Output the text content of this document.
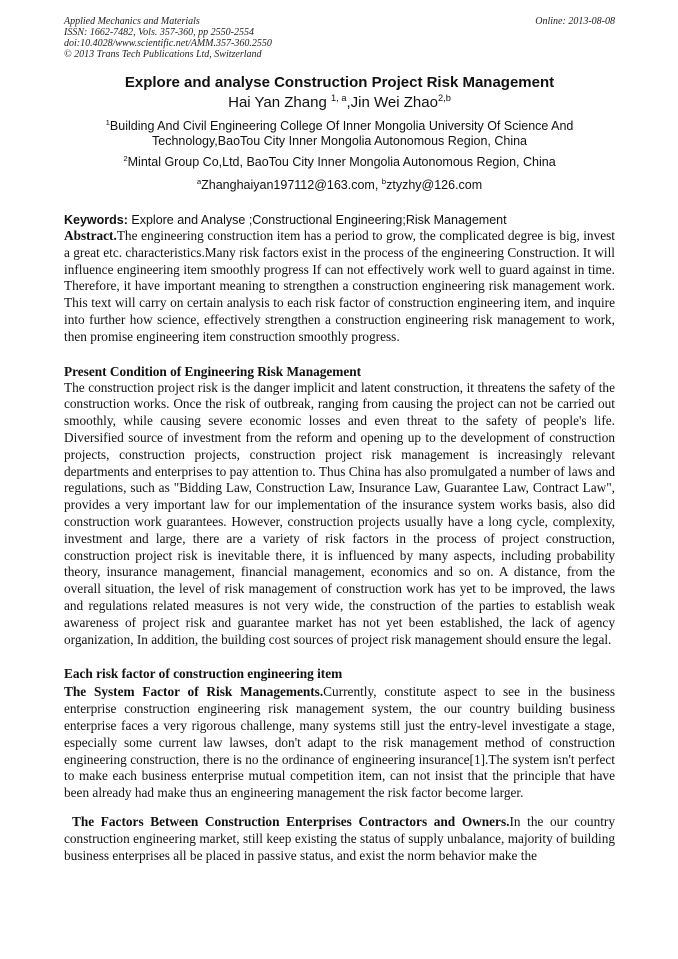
Applied Mechanics and Materials
ISSN: 1662-7482, Vols. 357-360, pp 2550-2554
doi:10.4028/www.scientific.net/AMM.357-360.2550
© 2013 Trans Tech Publications Ltd, Switzerland
Online: 2013-08-08
Explore and analyse Construction Project Risk Management
Hai Yan Zhang $^{1, a}$,Jin Wei Zhao$^{2,b}$
$^1$Building And Civil Engineering College Of Inner Mongolia University Of Science And Technology,BaoTou City Inner Mongolia Autonomous Region, China
$^2$Mintal Group Co,Ltd, BaoTou City Inner Mongolia Autonomous Region, China
$^a$Zhanghaiyan197112@163.com, $^b$ztyzhy@126.com
Keywords: Explore and Analyse ;Constructional Engineering;Risk Management

Abstract.The engineering construction item has a period to grow, the complicated degree is big, invest a great etc. characteristics.Many risk factors exist in the process of the engineering Construction. It will influence engineering item smoothly progress If can not effectively work well to guard against in time. Therefore, it have important meaning to strengthen a construction engineering risk management work. This text will carry on certain analysis to each risk factor of construction engineering item, and inquire into further how science, effectively strengthen a construction engineering risk management to work, then promise engineering item construction smoothly progress.

Present Condition of Engineering Risk Management

The construction project risk is the danger implicit and latent construction, it threatens the safety of the construction works. Once the risk of outbreak, ranging from causing the project can not be carried out smoothly, while causing severe economic losses and even threat to the safety of people's life. Diversified source of investment from the reform and opening up to the development of construction projects, construction projects, construction project risk management is increasingly relevant departments and enterprises to pay attention to. Thus China has also promulgated a number of laws and regulations, such as "Bidding Law, Construction Law, Insurance Law, Guarantee Law, Contract Law", provides a very important law for our implementation of the insurance system works basis, also did construction work guarantees. However, construction projects usually have a long cycle, complexity, investment and large, there are a variety of risk factors in the process of project construction, construction project risk is inevitable there, it is influenced by many aspects, including probability theory, insurance management, financial management, economics and so on. A distance, from the overall situation, the level of risk management of construction work has yet to be improved, the laws and regulations related measures is not very wide, the construction of the parties to establish weak awareness of project risk and guarantee market has not yet been established, the lack of agency organization, In addition, the building cost sources of project risk management should ensure the legal.

Each risk factor of construction engineering item

The System Factor of Risk Managements.Currently, constitute aspect to see in the business enterprise construction engineering risk management system, the our country building business enterprise faces a very rigorous challenge, many systems still just the entry-level investigate a stage, especially some current law lawses, don't adapt to the risk management method of construction engineering construction, there is no the ordinance of engineering insurance[1].The system isn't perfect to make each business enterprise mutual competition item, can not insist that the principle that have been already had make thus an engineering management the risk factor become larger.

The Factors Between Construction Enterprises Contractors and Owners.In the our country construction engineering market, still keep existing the status of supply unbalance, majority of building business enterprises all be placed in passive status, and exist the norm behavior make the
